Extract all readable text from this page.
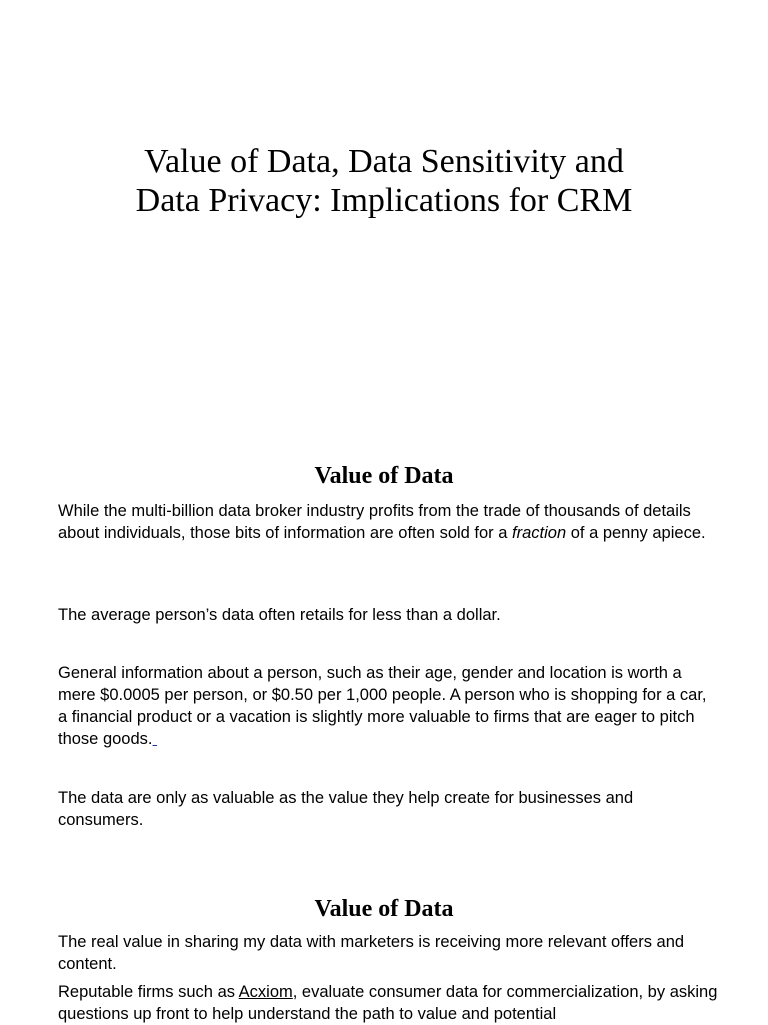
Value of Data, Data Sensitivity and
Data Privacy: Implications for CRM
Value of Data

While the multi-billion data broker industry profits from the trade of thousands of details about individuals, those bits of information are often sold for a fraction of a penny apiece.

The average person’s data often retails for less than a dollar.

General information about a person, such as their age, gender and location is worth a mere $0.0005 per person, or $0.50 per 1,000 people. A person who is shopping for a car, a financial product or a vacation is slightly more valuable to firms that are eager to pitch those goods.

The data are only as valuable as the value they help create for businesses and consumers.

Value of Data

The real value in sharing my data with marketers is receiving more relevant offers and content.

Reputable firms such as Acxiom, evaluate consumer data for commercialization, by asking questions up front to help understand the path to value and potential
